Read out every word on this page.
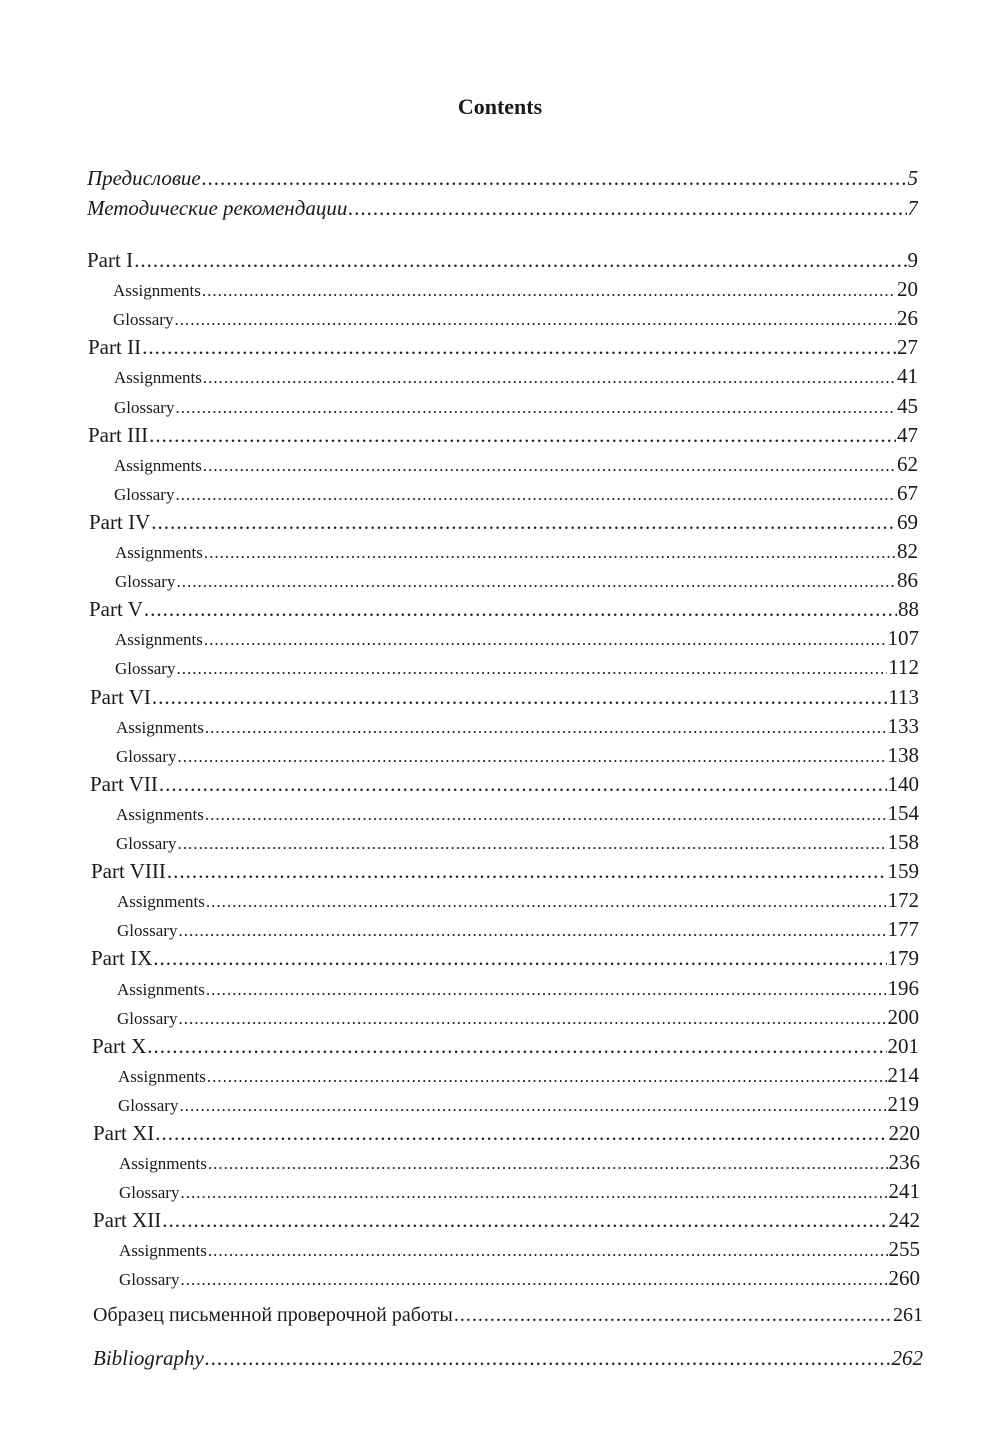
Contents
Предисловие .....	5
Методические рекомендации .....	7
Part I .....	9
Assignments .....	20
Glossary .....	26
Part II .....	27
Assignments .....	41
Glossary .....	45
Part III .....	47
Assignments .....	62
Glossary .....	67
Part IV .....	69
Assignments .....	82
Glossary .....	86
Part V .....	88
Assignments .....	107
Glossary .....	112
Part VI .....	113
Assignments .....	133
Glossary .....	138
Part VII .....	140
Assignments .....	154
Glossary .....	158
Part VIII .....	159
Assignments .....	172
Glossary .....	177
Part IX .....	179
Assignments .....	196
Glossary .....	200
Part X .....	201
Assignments .....	214
Glossary .....	219
Part XI .....	220
Assignments .....	236
Glossary .....	241
Part XII .....	242
Assignments .....	255
Glossary .....	260
Образец письменной проверочной работы .....	261
Bibliography .....	262
